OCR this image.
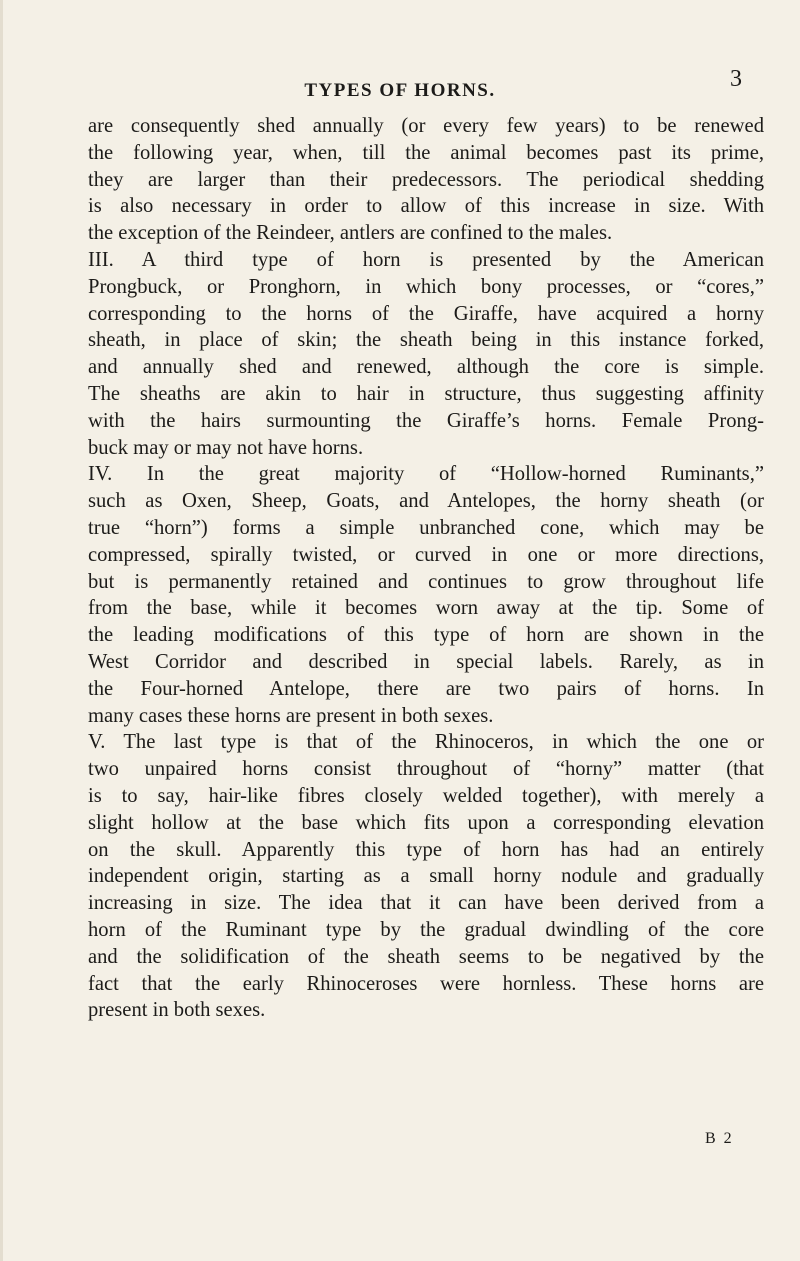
TYPES OF HORNS.	3
are consequently shed annually (or every few years) to be renewed
the following year, when, till the animal becomes past its prime,
they are larger than their predecessors. The periodical shedding
is also necessary in order to allow of this increase in size. With
the exception of the Reindeer, antlers are confined to the males.
III. A third type of horn is presented by the American
Prongbuck, or Pronghorn, in which bony processes, or “cores,”
corresponding to the horns of the Giraffe, have acquired a horny
sheath, in place of skin; the sheath being in this instance forked,
and annually shed and renewed, although the core is simple.
The sheaths are akin to hair in structure, thus suggesting affinity
with the hairs surmounting the Giraffe’s horns. Female Prong-
buck may or may not have horns.
IV. In the great majority of “Hollow-horned Ruminants,”
such as Oxen, Sheep, Goats, and Antelopes, the horny sheath (or
true “horn”) forms a simple unbranched cone, which may be
compressed, spirally twisted, or curved in one or more directions,
but is permanently retained and continues to grow throughout life
from the base, while it becomes worn away at the tip. Some of
the leading modifications of this type of horn are shown in the
West Corridor and described in special labels. Rarely, as in
the Four-horned Antelope, there are two pairs of horns. In
many cases these horns are present in both sexes.
V. The last type is that of the Rhinoceros, in which the one or
two unpaired horns consist throughout of “horny” matter (that
is to say, hair-like fibres closely welded together), with merely a
slight hollow at the base which fits upon a corresponding elevation
on the skull. Apparently this type of horn has had an entirely
independent origin, starting as a small horny nodule and gradually
increasing in size. The idea that it can have been derived from a
horn of the Ruminant type by the gradual dwindling of the core
and the solidification of the sheath seems to be negatived by the
fact that the early Rhinoceroses were hornless. These horns are
present in both sexes.
B 2
